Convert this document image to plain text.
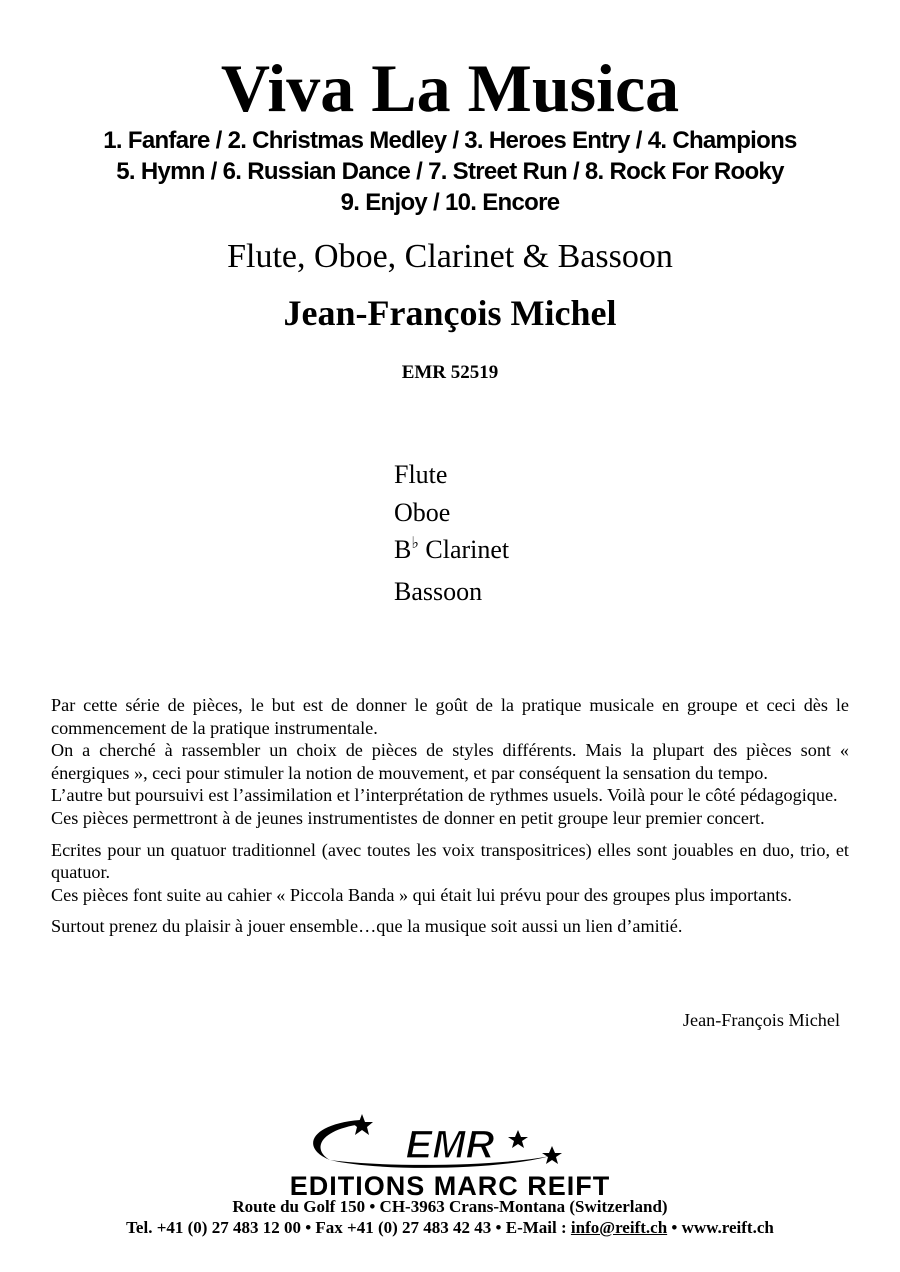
Viva La Musica
1. Fanfare / 2. Christmas Medley / 3. Heroes Entry / 4. Champions
5. Hymn / 6. Russian Dance / 7. Street Run / 8. Rock For Rooky
9. Enjoy / 10. Encore
Flute, Oboe, Clarinet & Bassoon
Jean-François Michel
EMR 52519
Flute
Oboe
B♭ Clarinet
Bassoon

Par cette série de pièces, le but est de donner le goût de la pratique musicale en groupe et ceci dès le commencement de la pratique instrumentale.

On a cherché à rassembler un choix de pièces de styles différents. Mais la plupart des pièces sont « énergiques », ceci pour stimuler la notion de mouvement, et par conséquent la sensation du tempo.

L’autre but poursuivi est l’assimilation et l’interprétation de rythmes usuels. Voilà pour le côté pédagogique.

Ces pièces permettront à de jeunes instrumentistes de donner en petit groupe leur premier concert.

Ecrites pour un quatuor traditionnel (avec toutes les voix transpositrices) elles sont jouables en duo, trio, et quatuor.

Ces pièces font suite au cahier « Piccola Banda » qui était lui prévu pour des groupes plus importants.

Surtout prenez du plaisir à jouer ensemble…que la musique soit aussi un lien d’amitié.

Jean-François Michel
EMR
EDITIONS MARC REIFT
Route du Golf 150 • CH-3963 Crans-Montana (Switzerland)
Tel. +41 (0) 27 483 12 00 • Fax +41 (0) 27 483 42 43 • E-Mail : info@reift.ch • www.reift.ch
